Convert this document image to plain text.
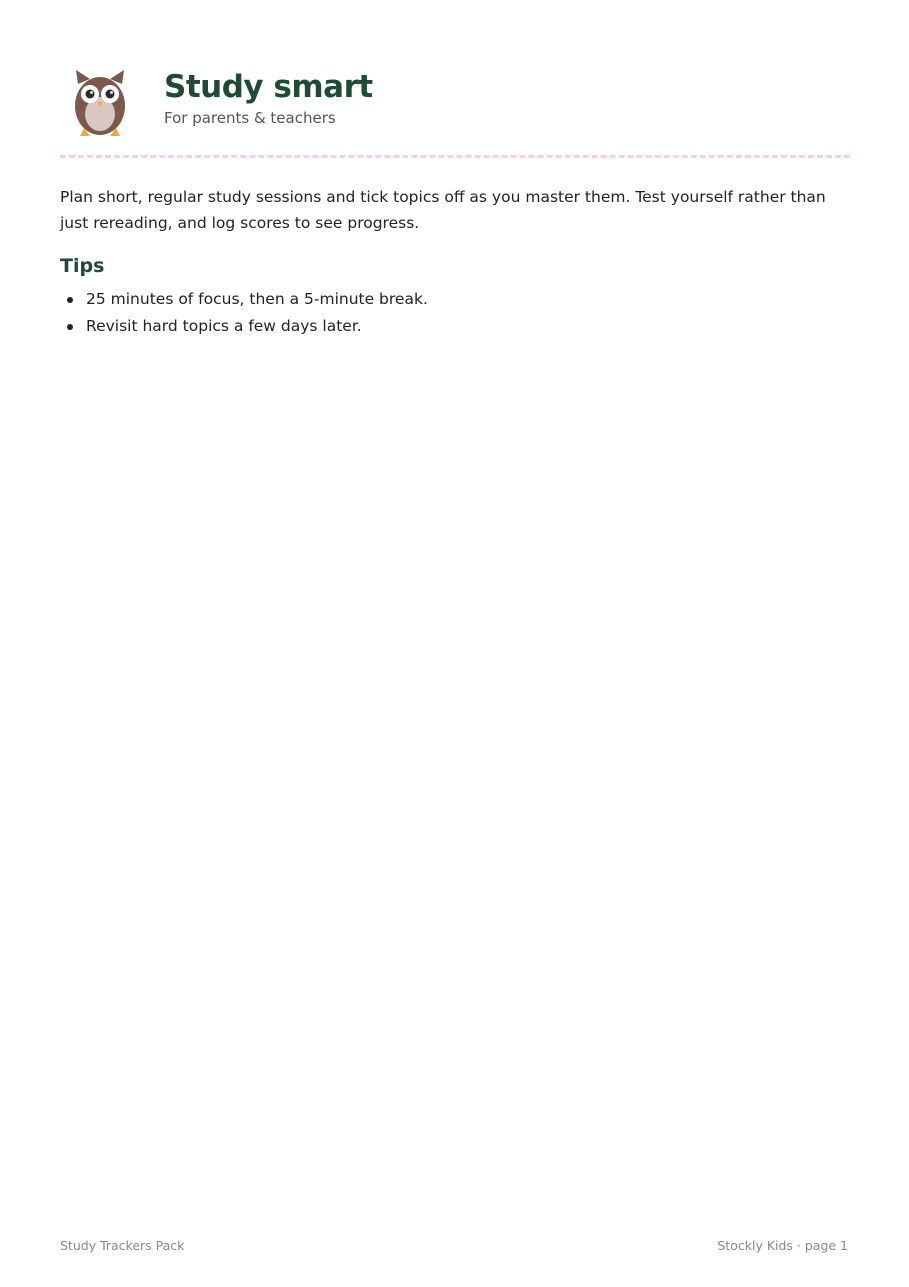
Study smart

For parents & teachers

Plan short, regular study sessions and tick topics off as you master them. Test yourself rather than just rereading, and log scores to see progress.

Tips
25 minutes of focus, then a 5-minute break.
Revisit hard topics a few days later.

Study Trackers Pack	Stockly Kids · page 1
